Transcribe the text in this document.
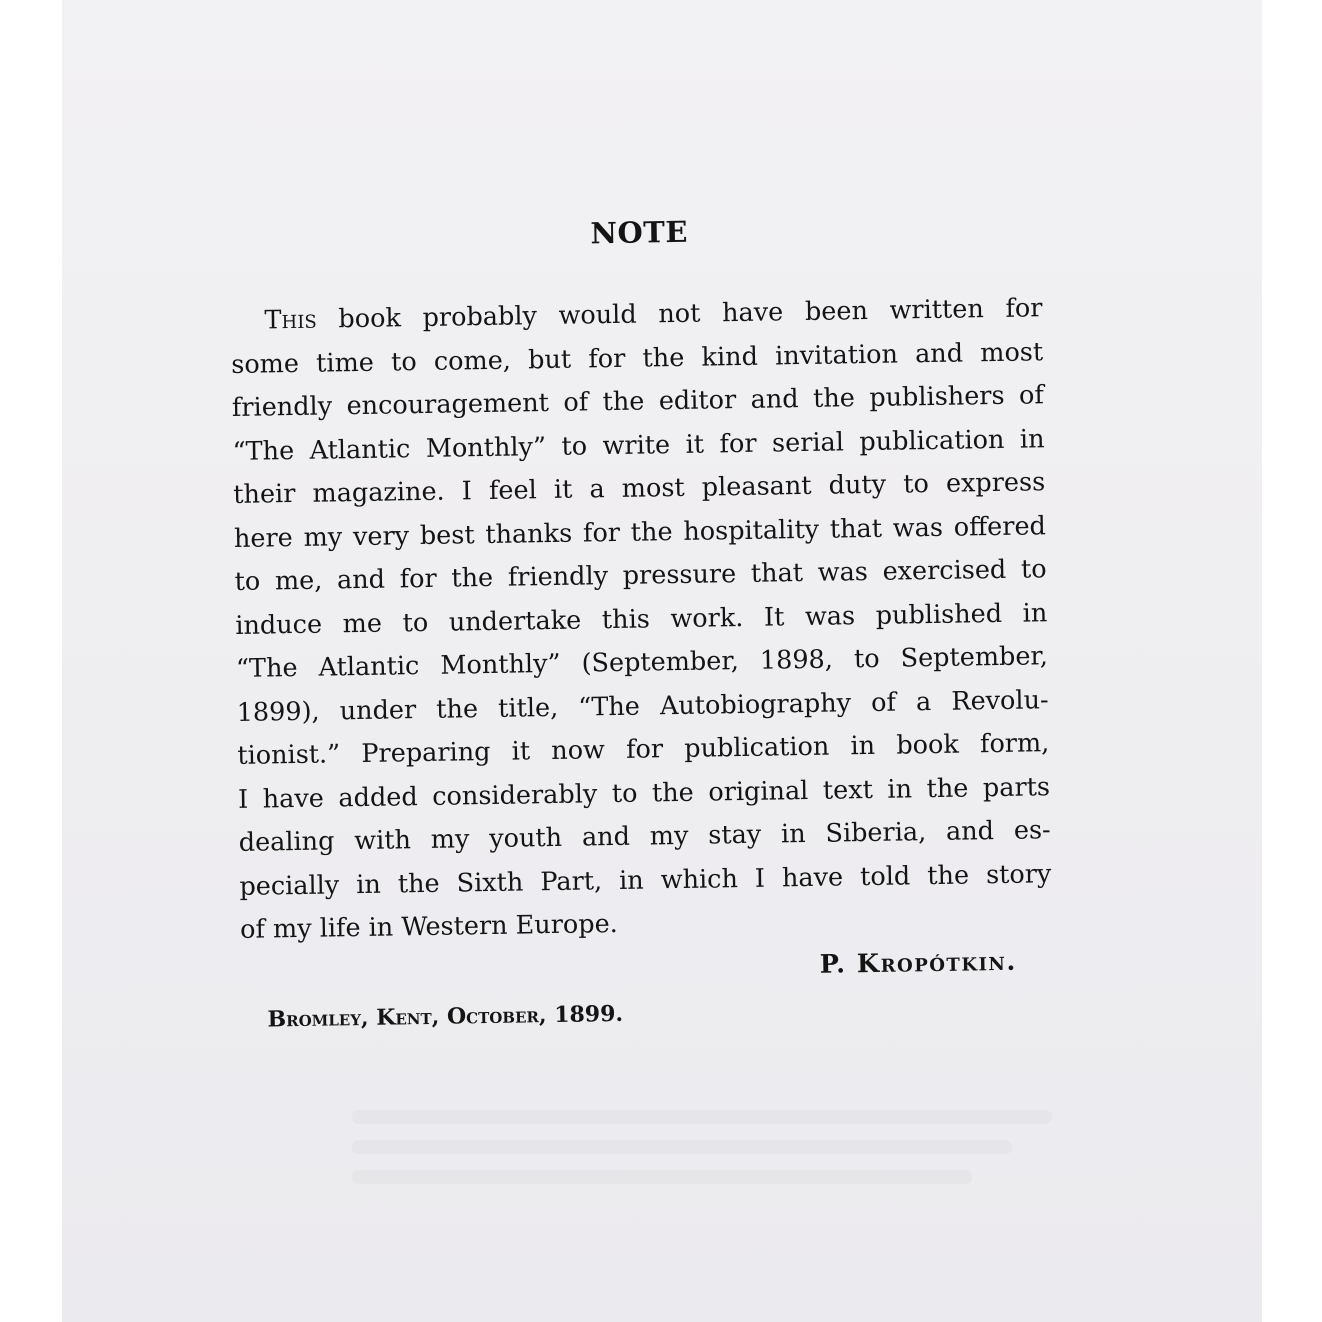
NOTE
This book probably would not have been written for
some time to come, but for the kind invitation and most
friendly encouragement of the editor and the publishers of
“The Atlantic Monthly” to write it for serial publication in
their magazine. I feel it a most pleasant duty to express
here my very best thanks for the hospitality that was offered
to me, and for the friendly pressure that was exercised to
induce me to undertake this work. It was published in
“The Atlantic Monthly” (September, 1898, to September,
1899), under the title, “The Autobiography of a Revolu-
tionist.” Preparing it now for publication in book form,
I have added considerably to the original text in the parts
dealing with my youth and my stay in Siberia, and es-
pecially in the Sixth Part, in which I have told the story
of my life in Western Europe.
P. Kropótkin.
Bromley, Kent, October, 1899.
